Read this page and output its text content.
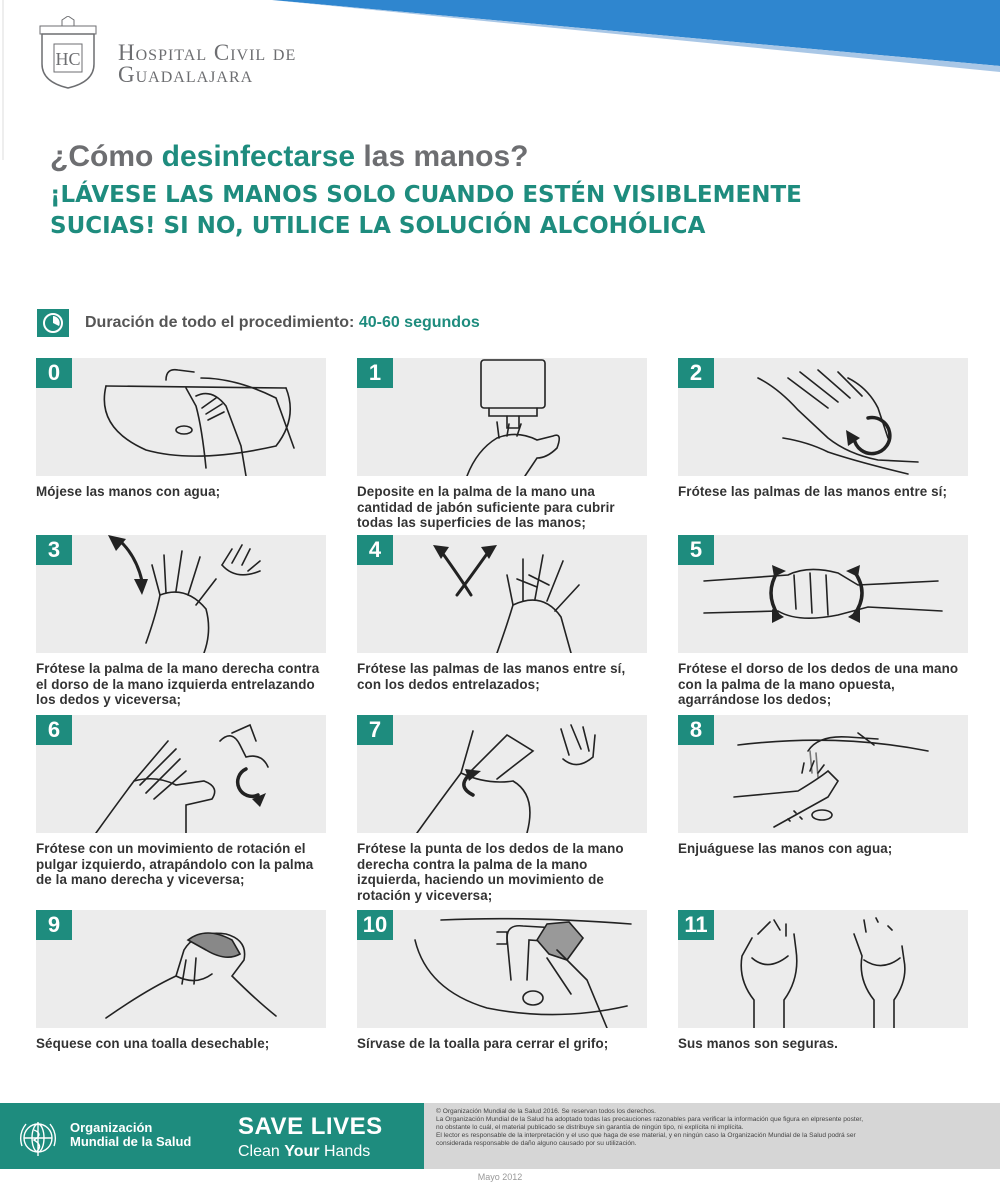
HC Hospital Civil de
Guadalajara
¿Cómo desinfectarse las manos?
¡LÁVESE LAS MANOS SOLO CUANDO ESTÉN VISIBLEMENTE SUCIAS! SI NO, UTILICE LA SOLUCIÓN ALCOHÓLICA
Duración de todo el procedimiento: 40-60 segundos
0
Mójese las manos con agua;
1
Deposite en la palma de la mano una cantidad de jabón suficiente para cubrir todas las superficies de las manos;
2
Frótese las palmas de las manos entre sí;
3
Frótese la palma de la mano derecha contra el dorso de la mano izquierda entrelazando los dedos y viceversa;
4
Frótese las palmas de las manos entre sí, con los dedos entrelazados;
5
Frótese el dorso de los dedos de una mano con la palma de la mano opuesta, agarrándose los dedos;
6
Frótese con un movimiento de rotación el pulgar izquierdo, atrapándolo con la palma de la mano derecha y viceversa;
7
Frótese la punta de los dedos de la mano derecha contra la palma de la mano izquierda, haciendo un movimiento de rotación y viceversa;
8
Enjuáguese las manos con agua;
9
Séquese con una toalla desechable;
10
Sírvase de la toalla para cerrar el grifo;
11
Sus manos son seguras.
Organización
Mundial de la Salud
SAVE LIVES
Clean Your Hands

© Organización Mundial de la Salud 2016. Se reservan todos los derechos.

La Organización Mundial de la Salud ha adoptado todas las precauciones razonables para verificar la información que figura en elpresente poster,

no obstante lo cuál, el material publicado se distribuye sin garantía de ningún tipo, ni explícita ni implícita.

El lector es responsable de la interpretación y el uso que haga de ese material, y en ningún caso la Organización Mundial de la Salud podrá ser

considerada responsable de daño alguno causado por su utilización.

Mayo 2012
